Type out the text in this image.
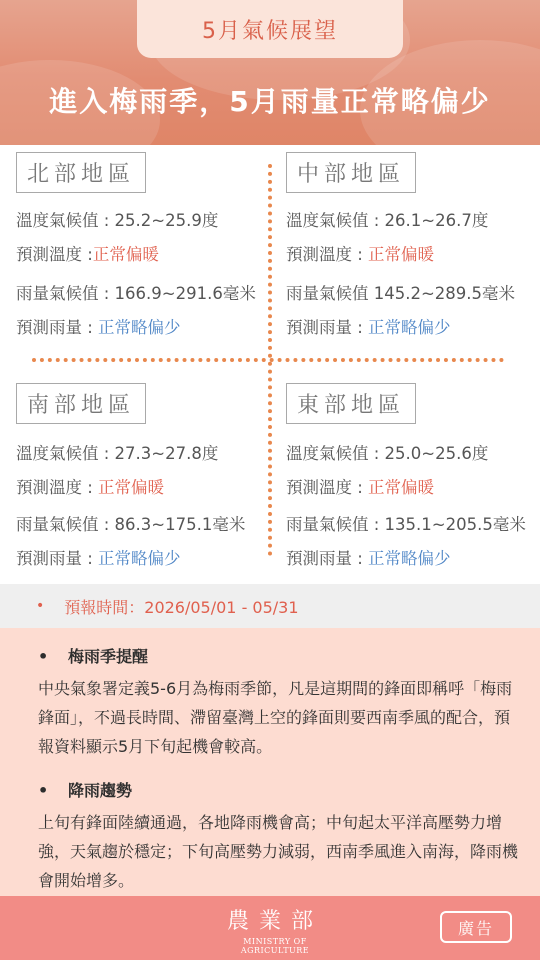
5月氣候展望
進入梅雨季，5月雨量正常略偏少
北部地區
溫度氣候值 : 25.2~25.9度
預測溫度 :正常偏暖
雨量氣候值 : 166.9~291.6毫米
預測雨量 : 正常略偏少
中部地區
溫度氣候值 : 26.1~26.7度
預測溫度 : 正常偏暖
雨量氣候值 145.2~289.5毫米
預測雨量 : 正常略偏少
南部地區
溫度氣候值 : 27.3~27.8度
預測溫度 : 正常偏暖
雨量氣候值 : 86.3~175.1毫米
預測雨量 : 正常略偏少
東部地區
溫度氣候值 : 25.0~25.6度
預測溫度 : 正常偏暖
雨量氣候值 : 135.1~205.5毫米
預測雨量 : 正常略偏少
• 預報時間：2026/05/01 - 05/31
• 梅雨季提醒
中央氣象署定義5-6月為梅雨季節，凡是這期間的鋒面即稱呼「梅雨鋒面」，不過長時間、滯留臺灣上空的鋒面則要西南季風的配合，預報資料顯示5月下旬起機會較高。
• 降雨趨勢
上旬有鋒面陸續通過，各地降雨機會高；中旬起太平洋高壓勢力增強，天氣趨於穩定；下旬高壓勢力減弱，西南季風進入南海，降雨機會開始增多。
農業部
MINISTRY OF AGRICULTURE
廣告
